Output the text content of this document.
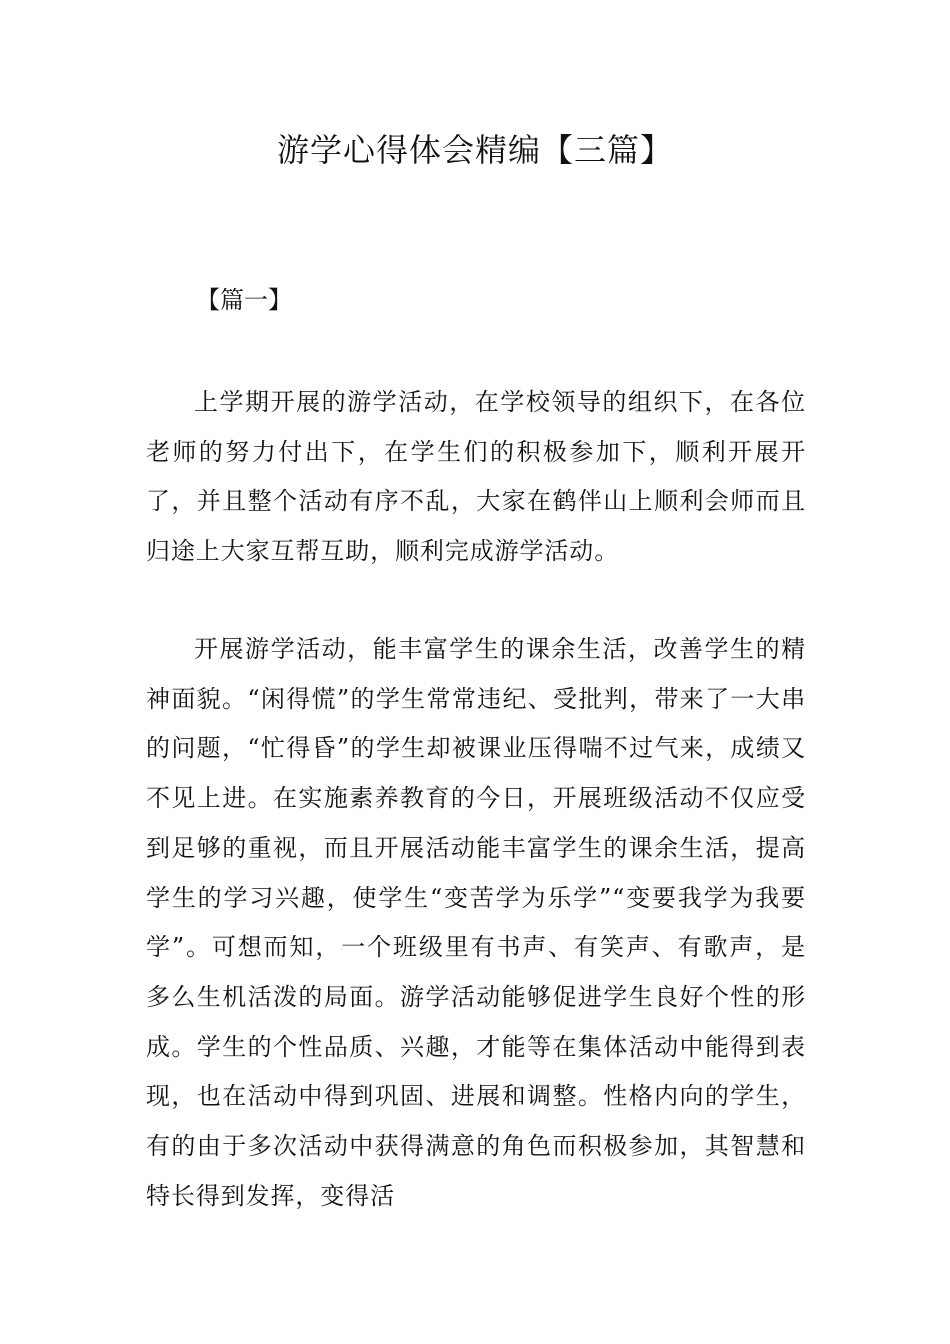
游学心得体会精编【三篇】
【篇一】

上学期开展的游学活动，在学校领导的组织下，在各位老师的努力付出下，在学生们的积极参加下，顺利开展开了，并且整个活动有序不乱，大家在鹤伴山上顺利会师而且归途上大家互帮互助，顺利完成游学活动。

开展游学活动，能丰富学生的课余生活，改善学生的精神面貌。“闲得慌”的学生常常违纪、受批判，带来了一大串的问题，“忙得昏”的学生却被课业压得喘不过气来，成绩又不见上进。在实施素养教育的今日，开展班级活动不仅应受到足够的重视，而且开展活动能丰富学生的课余生活，提高学生的学习兴趣，使学生“变苦学为乐学”“变要我学为我要学”。可想而知，一个班级里有书声、有笑声、有歌声，是多么生机活泼的局面。游学活动能够促进学生良好个性的形成。学生的个性品质、兴趣，才能等在集体活动中能得到表现，也在活动中得到巩固、进展和调整。性格内向的学生，有的由于多次活动中获得满意的角色而积极参加，其智慧和特长得到发挥，变得活
